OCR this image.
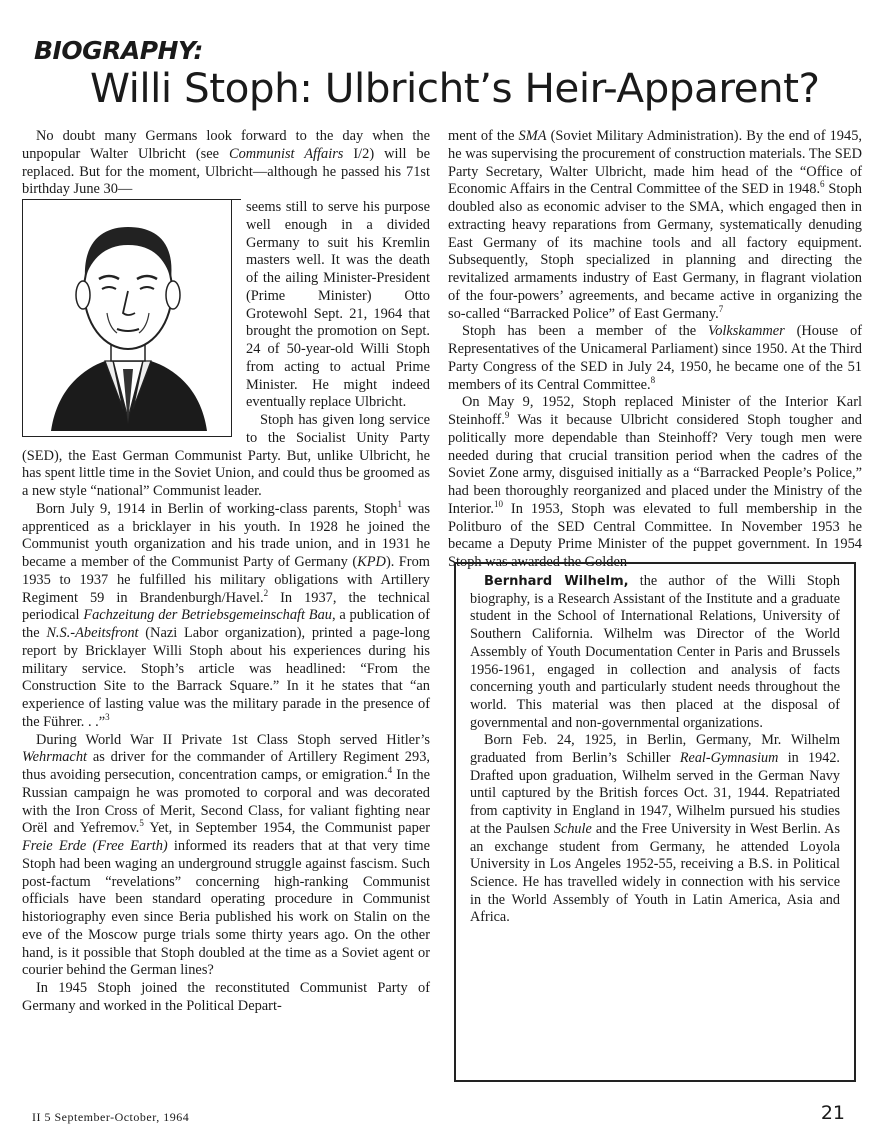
BIOGRAPHY:
Willi Stoph: Ulbricht’s Heir-Apparent?

No doubt many Germans look forward to the day when the unpopular Walter Ulbricht (see Communist Affairs I/2) will be replaced. But for the moment, Ulbricht—although he passed his 71st birthday June 30—

seems still to serve his purpose well enough in a divided Germany to suit his Kremlin masters well. It was the death of the ailing Minister-President (Prime Minister) Otto Grotewohl Sept. 21, 1964 that brought the promotion on Sept. 24 of 50-year-old Willi Stoph from acting to actual Prime Minister. He might indeed eventually replace Ulbricht.

Stoph has given long service to the Socialist Unity Party (SED), the East German Communist Party. But, unlike Ulbricht, he has spent little time in the Soviet Union, and could thus be groomed as a new style “national” Communist leader.

Born July 9, 1914 in Berlin of working-class parents, Stoph$^1$ was apprenticed as a bricklayer in his youth. In 1928 he joined the Communist youth organization and his trade union, and in 1931 he became a member of the Communist Party of Germany (KPD). From 1935 to 1937 he fulfilled his military obligations with Artillery Regiment 59 in Brandenburgh/Havel.$^2$ In 1937, the technical periodical Fachzeitung der Betriebsgemeinschaft Bau, a publication of the N.S.-Abeitsfront (Nazi Labor organization), printed a page-long report by Bricklayer Willi Stoph about his experiences during his military service. Stoph’s article was headlined: “From the Construction Site to the Barrack Square.” In it he states that “an experience of lasting value was the military parade in the presence of the Führer. . .”$^3$

During World War II Private 1st Class Stoph served Hitler’s Wehrmacht as driver for the commander of Artillery Regiment 293, thus avoiding persecution, concentration camps, or emigration.$^4$ In the Russian campaign he was promoted to corporal and was decorated with the Iron Cross of Merit, Second Class, for valiant fighting near Orël and Yefremov.$^5$ Yet, in September 1954, the Communist paper Freie Erde (Free Earth) informed its readers that at that very time Stoph had been waging an underground struggle against fascism. Such post-factum “revelations” concerning high-ranking Communist officials have been standard operating procedure in Communist historiography even since Beria published his work on Stalin on the eve of the Moscow purge trials some thirty years ago. On the other hand, is it possible that Stoph doubled at the time as a Soviet agent or courier behind the German lines?

In 1945 Stoph joined the reconstituted Communist Party of Germany and worked in the Political Depart-

ment of the SMA (Soviet Military Administration). By the end of 1945, he was supervising the procurement of construction materials. The SED Party Secretary, Walter Ulbricht, made him head of the “Office of Economic Affairs in the Central Committee of the SED in 1948.$^6$ Stoph doubled also as economic adviser to the SMA, which engaged then in extracting heavy reparations from Germany, systematically denuding East Germany of its machine tools and all factory equipment. Subsequently, Stoph specialized in planning and directing the revitalized armaments industry of East Germany, in flagrant violation of the four-powers’ agreements, and became active in organizing the so-called “Barracked Police” of East Germany.$^7$

Stoph has been a member of the Volkskammer (House of Representatives of the Unicameral Parliament) since 1950. At the Third Party Congress of the SED in July 24, 1950, he became one of the 51 members of its Central Committee.$^8$

On May 9, 1952, Stoph replaced Minister of the Interior Karl Steinhoff.$^9$ Was it because Ulbricht considered Stoph tougher and politically more dependable than Steinhoff? Very tough men were needed during that crucial transition period when the cadres of the Soviet Zone army, disguised initially as a “Barracked People’s Police,” had been thoroughly reorganized and placed under the Ministry of the Interior.$^{10}$ In 1953, Stoph was elevated to full membership in the Politburo of the SED Central Committee. In November 1953 he became a Deputy Prime Minister of the puppet government. In 1954 Stoph was awarded the Golden

Bernhard Wilhelm, the author of the Willi Stoph biography, is a Research Assistant of the Institute and a graduate student in the School of International Relations, University of Southern California. Wilhelm was Director of the World Assembly of Youth Documentation Center in Paris and Brussels 1956-1961, engaged in collection and analysis of facts concerning youth and particularly student needs throughout the world. This material was then placed at the disposal of governmental and non-governmental organizations.

Born Feb. 24, 1925, in Berlin, Germany, Mr. Wilhelm graduated from Berlin’s Schiller Real-Gymnasium in 1942. Drafted upon graduation, Wilhelm served in the German Navy until captured by the British forces Oct. 31, 1944. Repatriated from captivity in England in 1947, Wilhelm pursued his studies at the Paulsen Schule and the Free University in West Berlin. As an exchange student from Germany, he attended Loyola University in Los Angeles 1952-55, receiving a B.S. in Political Science. He has travelled widely in connection with his service in the World Assembly of Youth in Latin America, Asia and Africa.

II 5 September-October, 1964	21
